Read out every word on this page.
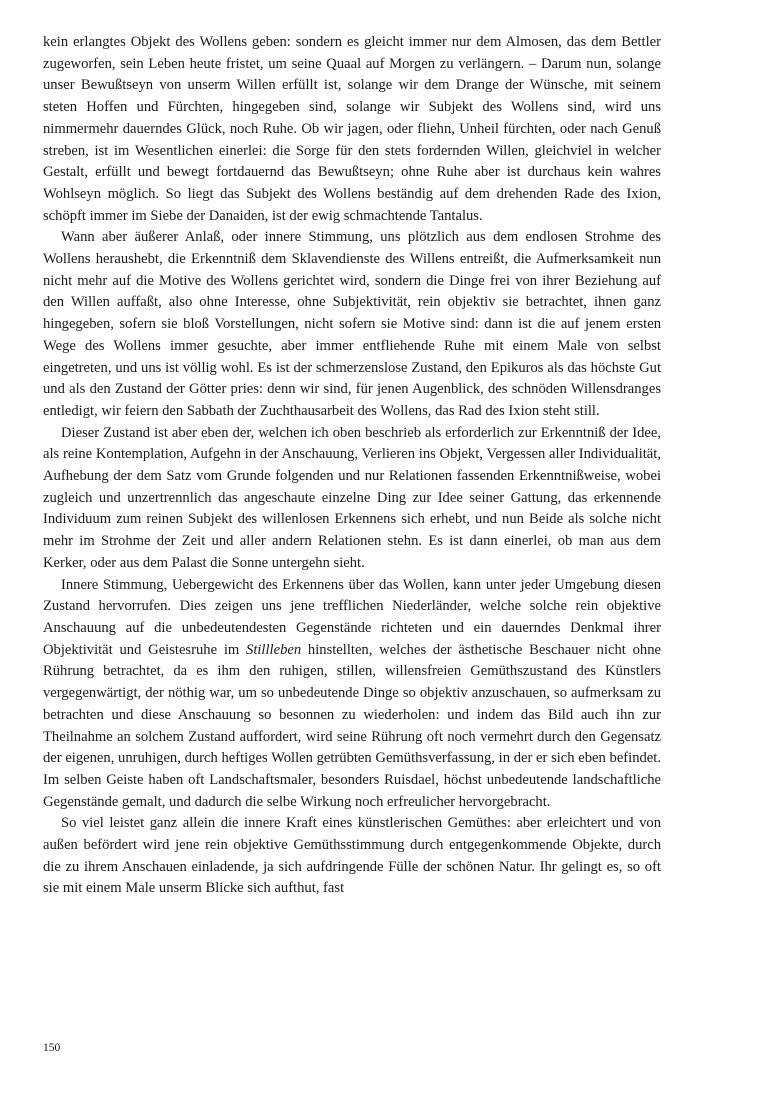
kein erlangtes Objekt des Wollens geben: sondern es gleicht immer nur dem Almosen, das dem Bettler zugeworfen, sein Leben heute fristet, um seine Quaal auf Morgen zu verlängern. – Darum nun, solange unser Bewußtseyn von unserm Willen erfüllt ist, solange wir dem Drange der Wünsche, mit seinem steten Hoffen und Fürchten, hingegeben sind, solange wir Subjekt des Wollens sind, wird uns nimmermehr dauerndes Glück, noch Ruhe. Ob wir jagen, oder fliehn, Unheil fürchten, oder nach Genuß streben, ist im Wesentlichen einerlei: die Sorge für den stets fordernden Willen, gleichviel in welcher Gestalt, erfüllt und bewegt fortdauernd das Bewußtseyn; ohne Ruhe aber ist durchaus kein wahres Wohlseyn möglich. So liegt das Subjekt des Wollens beständig auf dem drehenden Rade des Ixion, schöpft immer im Siebe der Danaiden, ist der ewig schmachtende Tantalus.

Wann aber äußerer Anlaß, oder innere Stimmung, uns plötzlich aus dem endlosen Strohme des Wollens heraushebt, die Erkenntniß dem Sklavendienste des Willens entreißt, die Aufmerksamkeit nun nicht mehr auf die Motive des Wollens gerichtet wird, sondern die Dinge frei von ihrer Beziehung auf den Willen auffaßt, also ohne Interesse, ohne Subjektivität, rein objektiv sie betrachtet, ihnen ganz hingegeben, sofern sie bloß Vorstellungen, nicht sofern sie Motive sind: dann ist die auf jenem ersten Wege des Wollens immer gesuchte, aber immer entfliehende Ruhe mit einem Male von selbst eingetreten, und uns ist völlig wohl. Es ist der schmerzenslose Zustand, den Epikuros als das höchste Gut und als den Zustand der Götter pries: denn wir sind, für jenen Augenblick, des schnöden Willensdranges entledigt, wir feiern den Sabbath der Zuchthausarbeit des Wollens, das Rad des Ixion steht still.

Dieser Zustand ist aber eben der, welchen ich oben beschrieb als erforderlich zur Erkenntniß der Idee, als reine Kontemplation, Aufgehn in der Anschauung, Verlieren ins Objekt, Vergessen aller Individualität, Aufhebung der dem Satz vom Grunde folgenden und nur Relationen fassenden Erkenntnißweise, wobei zugleich und unzertrennlich das angeschaute einzelne Ding zur Idee seiner Gattung, das erkennende Individuum zum reinen Subjekt des willenlosen Erkennens sich erhebt, und nun Beide als solche nicht mehr im Strohme der Zeit und aller andern Relationen stehn. Es ist dann einerlei, ob man aus dem Kerker, oder aus dem Palast die Sonne untergehn sieht.

Innere Stimmung, Uebergewicht des Erkennens über das Wollen, kann unter jeder Umgebung diesen Zustand hervorrufen. Dies zeigen uns jene trefflichen Niederländer, welche solche rein objektive Anschauung auf die unbedeutendesten Gegenstände richteten und ein dauerndes Denkmal ihrer Objektivität und Geistesruhe im Stillleben hinstellten, welches der ästhetische Beschauer nicht ohne Rührung betrachtet, da es ihm den ruhigen, stillen, willensfreien Gemüthszustand des Künstlers vergegenwärtigt, der nöthig war, um so unbedeutende Dinge so objektiv anzuschauen, so aufmerksam zu betrachten und diese Anschauung so besonnen zu wiederholen: und indem das Bild auch ihn zur Theilnahme an solchem Zustand auffordert, wird seine Rührung oft noch vermehrt durch den Gegensatz der eigenen, unruhigen, durch heftiges Wollen getrübten Gemüthsverfassung, in der er sich eben befindet. Im selben Geiste haben oft Landschaftsmaler, besonders Ruisdael, höchst unbedeutende landschaftliche Gegenstände gemalt, und dadurch die selbe Wirkung noch erfreulicher hervorgebracht.

So viel leistet ganz allein die innere Kraft eines künstlerischen Gemüthes: aber erleichtert und von außen befördert wird jene rein objektive Gemüthsstimmung durch entgegenkommende Objekte, durch die zu ihrem Anschauen einladende, ja sich aufdringende Fülle der schönen Natur. Ihr gelingt es, so oft sie mit einem Male unserm Blicke sich aufthut, fast

150
